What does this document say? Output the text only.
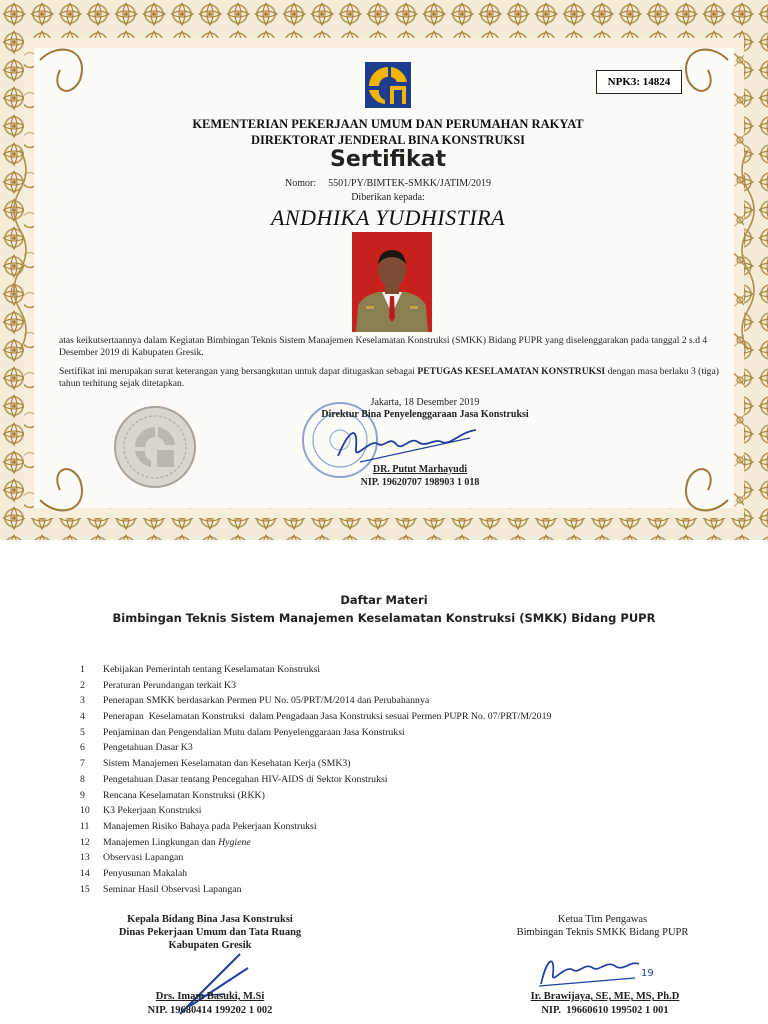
NPK3: 14824
KEMENTERIAN PEKERJAAN UMUM DAN PERUMAHAN RAKYAT
DIREKTORAT JENDERAL BINA KONSTRUKSI
Sertifikat
Nomor: 5501/PY/BIMTEK-SMKK/JATIM/2019
Diberikan kepada:
ANDHIKA YUDHISTIRA
atas keikutsertaannya dalam Kegiatan Bimbingan Teknis Sistem Manajemen Keselamatan Konstruksi (SMKK) Bidang PUPR yang diselenggarakan pada tanggal 2 s.d 4 Desember 2019 di Kabupaten Gresik.
Sertifikat ini merupakan surat keterangan yang bersangkutan untuk dapat ditugaskan sebagai PETUGAS KESELAMATAN KONSTRUKSI dengan masa berlaku 3 (tiga) tahun terhitung sejak ditetapkan.
Jakarta, 18 Desember 2019
Direktur Bina Penyelenggaraan Jasa Konstruksi
DR. Putut Marhayudi
NIP. 19620707 198903 1 018
Daftar Materi
Bimbingan Teknis Sistem Manajemen Keselamatan Konstruksi (SMKK) Bidang PUPR
1	Kebijakan Pemerintah tentang Keselamatan Konstruksi
2	Peraturan Perundangan terkait K3
3	Penerapan SMKK berdasarkan Permen PU No. 05/PRT/M/2014 dan Perubahannya
4	Penerapan  Keselamatan Konstruksi  dalam Pengadaan Jasa Konstruksi sesuai Permen PUPR No. 07/PRT/M/2019
5	Penjaminan dan Pengendalian Mutu dalam Penyelenggaraan Jasa Konstruksi
6	Pengetahuan Dasar K3
7	Sistem Manajemen Keselamatan dan Kesehatan Kerja (SMK3)
8	Pengetahuan Dasar tentang Pencegahan HIV-AIDS di Sektor Konstruksi
9	Rencana Keselamatan Konstruksi (RKK)
10	K3 Pekerjaan Konstruksi
11	Manajemen Risiko Bahaya pada Pekerjaan Konstruksi
12	Manajemen Lingkungan dan Hygiene
13	Observasi Lapangan
14	Penyusunan Makalah
15	Seminar Hasil Observasi Lapangan
Kepala Bidang Bina Jasa Konstruksi
Dinas Pekerjaan Umum dan Tata Ruang
Kabupaten Gresik
Drs. Imam Basuki, M.Si
NIP. 19680414 199202 1 002
Ketua Tim Pengawas
Bimbingan Teknis SMKK Bidang PUPR
19
Ir. Brawijaya, SE, ME, MS, Ph.D
NIP.  19660610 199502 1 001
